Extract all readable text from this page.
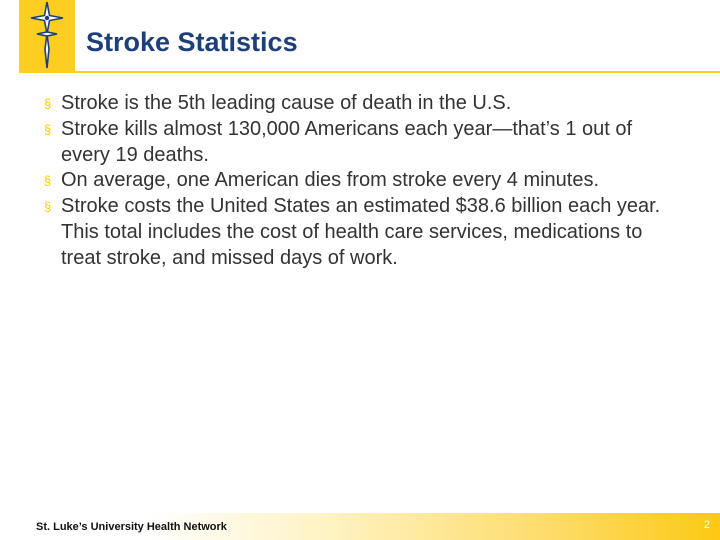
Stroke Statistics
§ Stroke is the 5th leading cause of death in the U.S.
§ Stroke kills almost 130,000 Americans each year—that’s 1 out of every 19 deaths.
§ On average, one American dies from stroke every 4 minutes.
§ Stroke costs the United States an estimated $38.6 billion each year. This total includes the cost of health care services, medications to treat stroke, and missed days of work.
St. Luke’s University Health Network	2
